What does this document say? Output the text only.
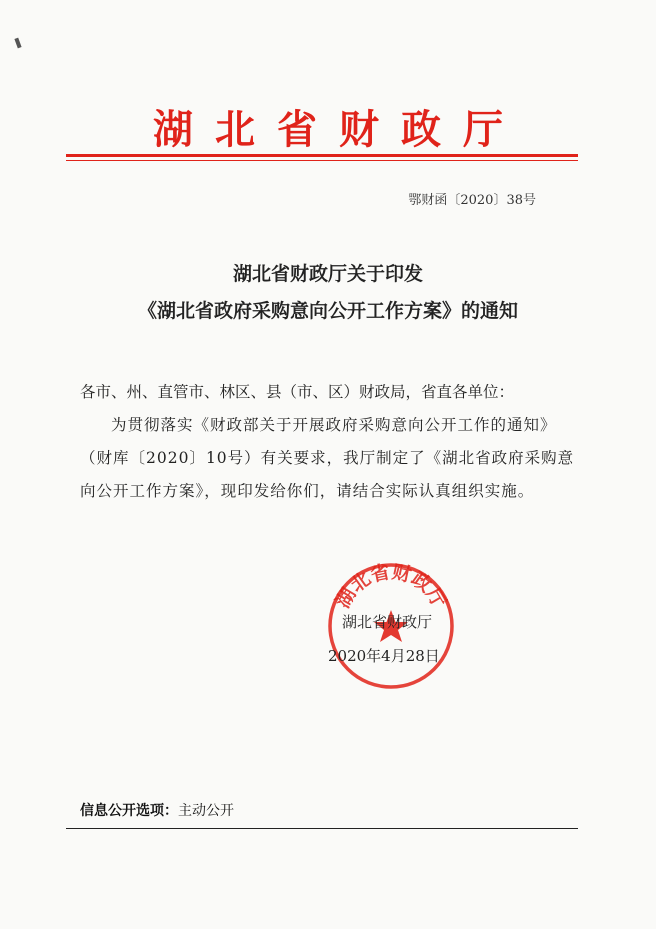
湖北省财政厅
鄂财函〔2020〕38号
湖北省财政厅关于印发
《湖北省政府采购意向公开工作方案》的通知
各市、州、直管市、林区、县（市、区）财政局，省直各单位：
为贯彻落实《财政部关于开展政府采购意向公开工作的通知》（财库〔2020〕10号）有关要求，我厅制定了《湖北省政府采购意向公开工作方案》，现印发给你们，请结合实际认真组织实施。
湖北省财政厅
湖北省财政厅
2020年4月28日
信息公开选项：主动公开
